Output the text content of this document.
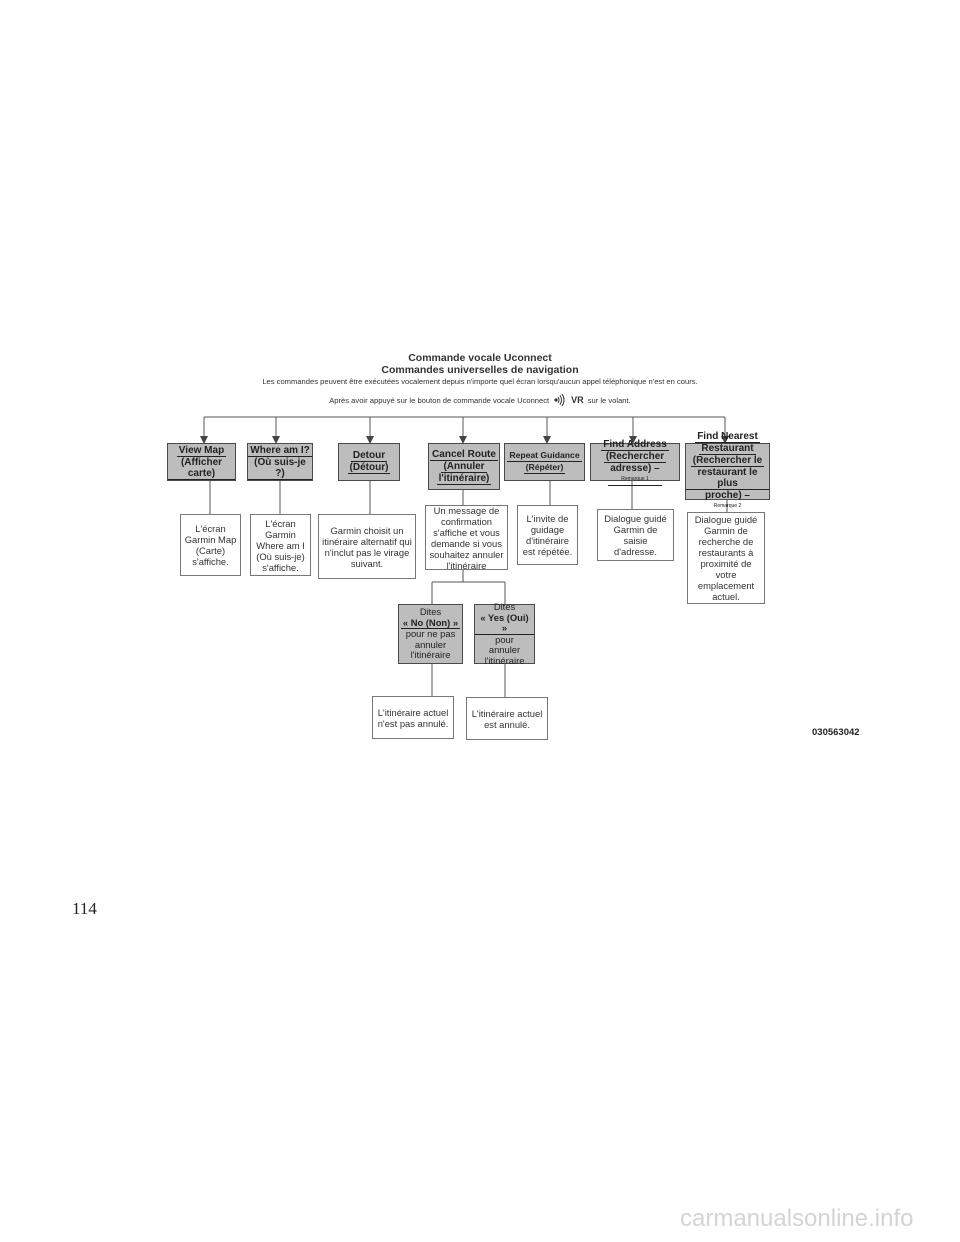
Commande vocale Uconnect
Commandes universelles de navigation
Les commandes peuvent être exécutées vocalement depuis n'importe quel écran lorsqu'aucun appel téléphonique n'est en cours.
Après avoir appuyé sur le bouton de commande vocale Uconnect VR sur le volant.
View Map
(Afficher carte)
Where am I?
(Où suis-je ?)
Detour
(Détour)
Cancel Route
(Annuler
l'itinéraire)
Repeat Guidance
(Répéter)
Find Address
(Rechercher
adresse) –
Remarque 1
Find Nearest
Restaurant
(Rechercher le
restaurant le plus
proche) –
Remarque 2
L'écran Garmin Map (Carte) s'affiche.
L'écran Garmin Where am I (Où suis-je) s'affiche.
Garmin choisit un itinéraire alternatif qui n'inclut pas le virage suivant.
Un message de confirmation s'affiche et vous demande si vous souhaitez annuler l'itinéraire
L'invite de guidage d'itinéraire est répétée.
Dialogue guidé Garmin de saisie d'adresse.
Dialogue guidé Garmin de recherche de restaurants à proximité de votre emplacement actuel.
Dites
« No (Non) »
pour ne pas annuler l'itinéraire
Dites
« Yes (Oui) »
pour annuler l'itinéraire
L'itinéraire actuel n'est pas annulé.
L'itinéraire actuel est annulé.
030563042
114
carmanualsonline.info
